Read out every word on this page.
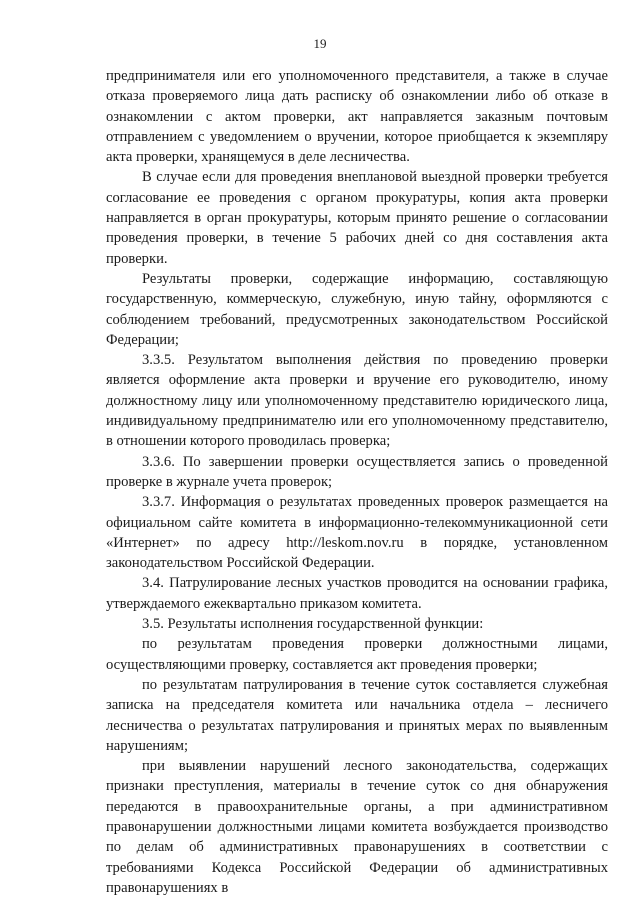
19

предпринимателя или его уполномоченного представителя, а также в случае отказа проверяемого лица дать расписку об ознакомлении либо об отказе в ознакомлении с актом проверки, акт направляется заказным почтовым отправлением с уведомлением о вручении, которое приобщается к экземпляру акта проверки, хранящемуся в деле лесничества.

В случае если для проведения внеплановой выездной проверки требуется согласование ее проведения с органом прокуратуры, копия акта проверки направляется в орган прокуратуры, которым принято решение о согласовании проведения проверки, в течение 5 рабочих дней со дня составления акта проверки.

Результаты проверки, содержащие информацию, составляющую государственную, коммерческую, служебную, иную тайну, оформляются с соблюдением требований, предусмотренных законодательством Российской Федерации;

3.3.5. Результатом выполнения действия по проведению проверки является оформление акта проверки и вручение его руководителю, иному должностному лицу или уполномоченному представителю юридического лица, индивидуальному предпринимателю или его уполномоченному представителю, в отношении которого проводилась проверка;

3.3.6. По завершении проверки осуществляется запись о проведенной проверке в журнале учета проверок;

3.3.7. Информация о результатах проведенных проверок размещается на официальном сайте комитета в информационно-телекоммуникационной сети «Интернет» по адресу http://leskom.nov.ru в порядке, установленном законодательством Российской Федерации.

3.4. Патрулирование лесных участков проводится на основании графика, утверждаемого ежеквартально приказом комитета.

3.5. Результаты исполнения государственной функции:

по результатам проведения проверки должностными лицами, осуществляющими проверку, составляется акт проведения проверки;

по результатам патрулирования в течение суток составляется служебная записка на председателя комитета или начальника отдела – лесничего лесничества о результатах патрулирования и принятых мерах по выявленным нарушениям;

при выявлении нарушений лесного законодательства, содержащих признаки преступления, материалы в течение суток со дня обнаружения передаются в правоохранительные органы, а при административном правонарушении должностными лицами комитета возбуждается производство по делам об административных правонарушениях в соответствии с требованиями Кодекса Российской Федерации об административных правонарушениях в
